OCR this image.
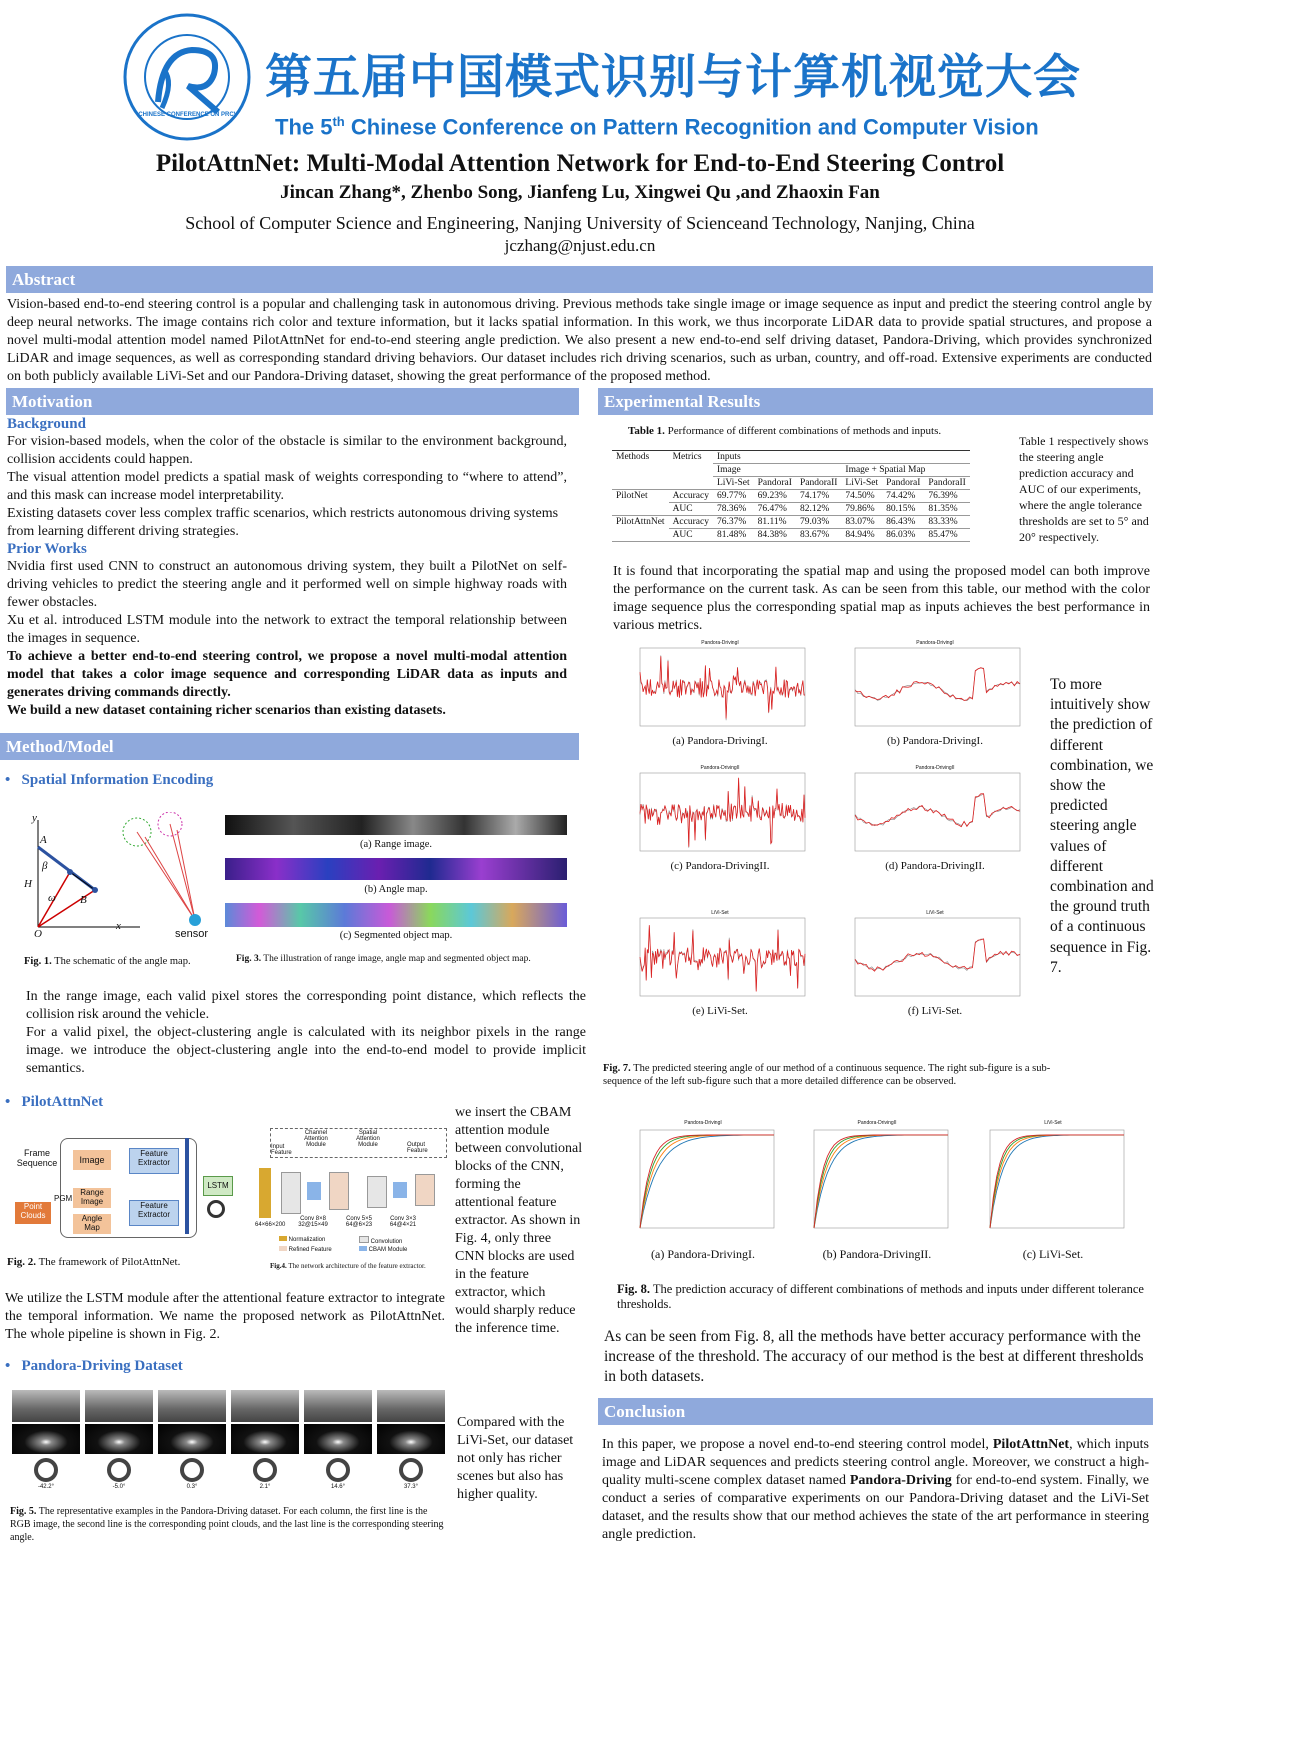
CHINESE CONFERENCE ON PRCV
第五届中国模式识别与计算机视觉大会
The 5th Chinese Conference on Pattern Recognition and Computer Vision
PilotAttnNet: Multi-Modal Attention Network for End-to-End Steering Control
Jincan Zhang*, Zhenbo Song, Jianfeng Lu, Xingwei Qu ,and Zhaoxin Fan
School of Computer Science and Engineering, Nanjing University of Scienceand Technology, Nanjing, China
jczhang@njust.edu.cn
Abstract
Vision-based end-to-end steering control is a popular and challenging task in autonomous driving. Previous methods take single image or image sequence as input and predict the steering control angle by deep neural networks. The image contains rich color and texture information, but it lacks spatial information. In this work, we thus incorporate LiDAR data to provide spatial structures, and propose a novel multi-modal attention model named PilotAttnNet for end-to-end steering angle prediction. We also present a new end-to-end self driving dataset, Pandora-Driving, which provides synchronized LiDAR and image sequences, as well as corresponding standard driving behaviors. Our dataset includes rich driving scenarios, such as urban, country, and off-road. Extensive experiments are conducted on both publicly available LiVi-Set and our Pandora-Driving dataset, showing the great performance of the proposed method.
Motivation
Background
For vision-based models, when the color of the obstacle is similar to the environment background, collision accidents could happen.
The visual attention model predicts a spatial mask of weights corresponding to “where to attend”, and this mask can increase model interpretability.
Existing datasets cover less complex traffic scenarios, which restricts autonomous driving systems from learning different driving strategies.
Prior Works
Nvidia first used CNN to construct an autonomous driving system, they built a PilotNet on self-driving vehicles to predict the steering angle and it performed well on simple highway roads with fewer obstacles.
Xu et al. introduced LSTM module into the network to extract the temporal relationship between the images in sequence.
To achieve a better end-to-end steering control, we propose a novel multi-modal attention model that takes a color image sequence and corresponding LiDAR data as inputs and generates driving commands directly.
We build a new dataset containing richer scenarios than existing datasets.
Method/Model
•   Spatial Information Encoding
y
A
β
H
ω B
O
x
sensor
Fig. 1. The schematic of the angle map.
(a) Range image.
(b) Angle map.
(c) Segmented object map.
Fig. 3. The illustration of range image, angle map and segmented object map.
In the range image, each valid pixel stores the corresponding point distance, which reflects the collision risk around the vehicle.
For a valid pixel, the object-clustering angle is calculated with its neighbor pixels in the range image. we introduce the object-clustering angle into the end-to-end model to provide implicit semantics.
•   PilotAttnNet
Frame Sequence	Image
Feature Extractor
Point Clouds
PGM
Range Image
Angle Map
Feature Extractor
LSTM
Fig. 2. The framework of PilotAttnNet.
Input Feature
Channel Attention Module
Spatial Attention Module	Output Feature
64×66×200
Conv 8×8 32@15×49
Conv 5×5 64@6×23
Conv 3×3 64@4×21
Normalization	Convolution
Refined Feature	CBAM Module
Fig.4. The network architecture of the feature extractor.
we insert the CBAM attention module between convolutional blocks of the CNN, forming the attentional feature extractor. As shown in Fig. 4, only three CNN blocks are used in the feature extractor, which would sharply reduce the inference time.
We utilize the LSTM module after the attentional feature extractor to integrate the temporal information. We name the proposed network as PilotAttnNet. The whole pipeline is shown in Fig. 2.
•   Pandora-Driving Dataset
-42.2°	-5.0°	0.3°	2.1°	14.6°	37.3°
Fig. 5. The representative examples in the Pandora-Driving dataset. For each column, the first line is the RGB image, the second line is the corresponding point clouds, and the last line is the corresponding steering angle.
Compared with the LiVi-Set, our dataset not only has richer scenes but also has higher quality.
Experimental Results
Table 1. Performance of different combinations of methods and inputs.
Methods	Metrics	Inputs					
		Image			Image + Spatial Map		
		LiVi-Set	PandoraI	PandoraII	LiVi-Set	PandoraI	PandoraII
PilotNet	Accuracy	69.77%	69.23%	74.17%	74.50%	74.42%	76.39%
	AUC	78.36%	76.47%	82.12%	79.86%	80.15%	81.35%
PilotAttnNet	Accuracy	76.37%	81.11%	79.03%	83.07%	86.43%	83.33%
	AUC	81.48%	84.38%	83.67%	84.94%	86.03%	85.47%
Table 1 respectively shows the steering angle prediction accuracy and AUC of our experiments, where the angle tolerance thresholds are set to 5° and 20° respectively.
It is found that incorporating the spatial map and using the proposed model can both improve the performance on the current task. As can be seen from this table, our method with the color image sequence plus the corresponding spatial map as inputs achieves the best performance in various metrics.
Pandora-DrivingI
(a) Pandora-DrivingI.
Pandora-DrivingI
(b) Pandora-DrivingI.
Pandora-DrivingII
(c) Pandora-DrivingII.
Pandora-DrivingII
(d) Pandora-DrivingII.
LiVi-Set
(e) LiVi-Set.
LiVi-Set
(f) LiVi-Set.
To more intuitively show the prediction of different combination, we show the predicted steering angle values of different combination and the ground truth of a continuous sequence in Fig. 7.
Fig. 7. The predicted steering angle of our method of a continuous sequence. The right sub-figure is a sub-sequence of the left sub-figure such that a more detailed difference can be observed.
Pandora-DrivingI
(a) Pandora-DrivingI.
Pandora-DrivingII
(b) Pandora-DrivingII.
LiVi-Set
(c) LiVi-Set.
Fig. 8. The prediction accuracy of different combinations of methods and inputs under different tolerance thresholds.
As can be seen from Fig. 8, all the methods have better accuracy performance with the increase of the threshold. The accuracy of our method is the best at different thresholds in both datasets.
Conclusion
In this paper, we propose a novel end-to-end steering control model, PilotAttnNet, which inputs image and LiDAR sequences and predicts steering control angle. Moreover, we construct a high-quality multi-scene complex dataset named Pandora-Driving for end-to-end system. Finally, we conduct a series of comparative experiments on our Pandora-Driving dataset and the LiVi-Set dataset, and the results show that our method achieves the state of the art performance in steering angle prediction.
